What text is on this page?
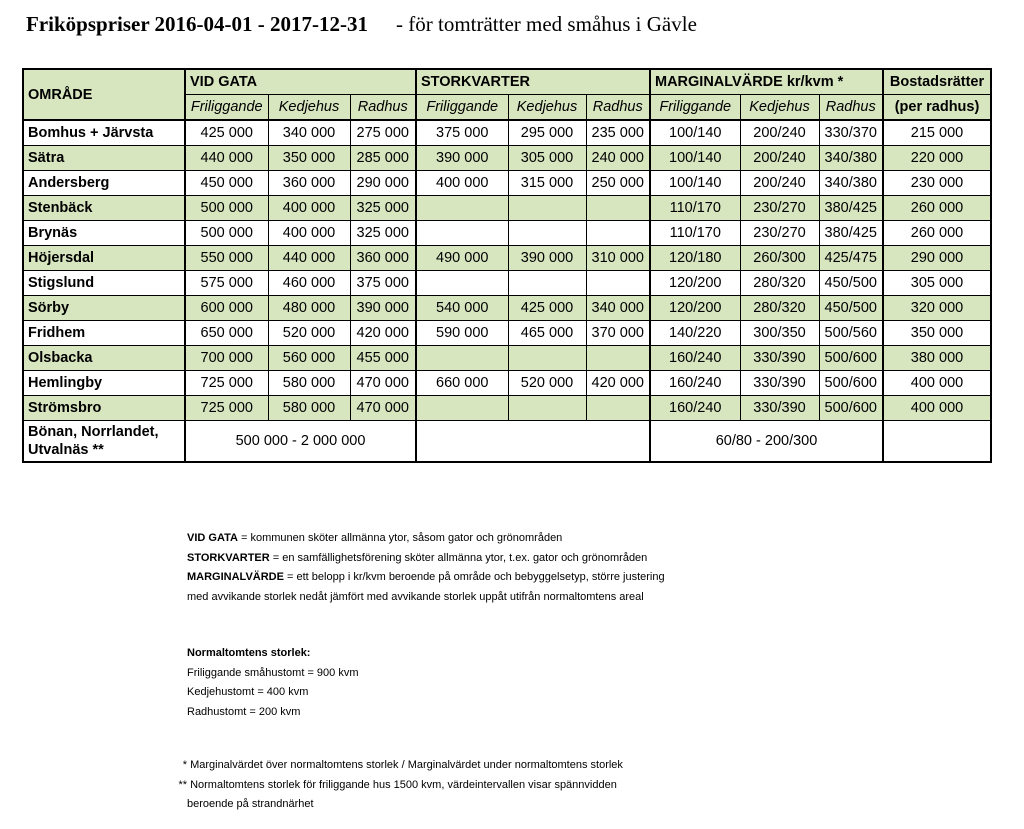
Friköpspriser 2016-04-01 - 2017-12-31 - för tomträtter med småhus i Gävle
OMRÅDE	VID GATA			STORKVARTER			MARGINALVÄRDE kr/kvm *			Bostadsrätter
	Friliggande	Kedjehus	Radhus	Friliggande	Kedjehus	Radhus	Friliggande	Kedjehus	Radhus	(per radhus)
Bomhus + Järvsta	425 000	340 000	275 000	375 000	295 000	235 000	100/140	200/240	330/370	215 000
Sätra	440 000	350 000	285 000	390 000	305 000	240 000	100/140	200/240	340/380	220 000
Andersberg	450 000	360 000	290 000	400 000	315 000	250 000	100/140	200/240	340/380	230 000
Stenbäck	500 000	400 000	325 000				110/170	230/270	380/425	260 000
Brynäs	500 000	400 000	325 000				110/170	230/270	380/425	260 000
Höjersdal	550 000	440 000	360 000	490 000	390 000	310 000	120/180	260/300	425/475	290 000
Stigslund	575 000	460 000	375 000				120/200	280/320	450/500	305 000
Sörby	600 000	480 000	390 000	540 000	425 000	340 000	120/200	280/320	450/500	320 000
Fridhem	650 000	520 000	420 000	590 000	465 000	370 000	140/220	300/350	500/560	350 000
Olsbacka	700 000	560 000	455 000				160/240	330/390	500/600	380 000
Hemlingby	725 000	580 000	470 000	660 000	520 000	420 000	160/240	330/390	500/600	400 000
Strömsbro	725 000	580 000	470 000				160/240	330/390	500/600	400 000
Bönan, Norrlandet,
Utvalnäs **	500 000 - 2 000 000						60/80 - 200/300			
VID GATA = kommunen sköter allmänna ytor, såsom gator och grönområden
STORKVARTER = en samfällighetsförening sköter allmänna ytor, t.ex. gator och grönområden
MARGINALVÄRDE = ett belopp i kr/kvm beroende på område och bebyggelsetyp, större justering
med avvikande storlek nedåt jämfört med avvikande storlek uppåt utifrån normaltomtens areal
Normaltomtens storlek:
Friliggande småhustomt = 900 kvm
Kedjehustomt = 400 kvm
Radhustomt = 200 kvm
* Marginalvärdet över normaltomtens storlek / Marginalvärdet under normaltomtens storlek
** Normaltomtens storlek för friliggande hus 1500 kvm, värdeintervallen visar spännvidden
beroende på strandnärhet
